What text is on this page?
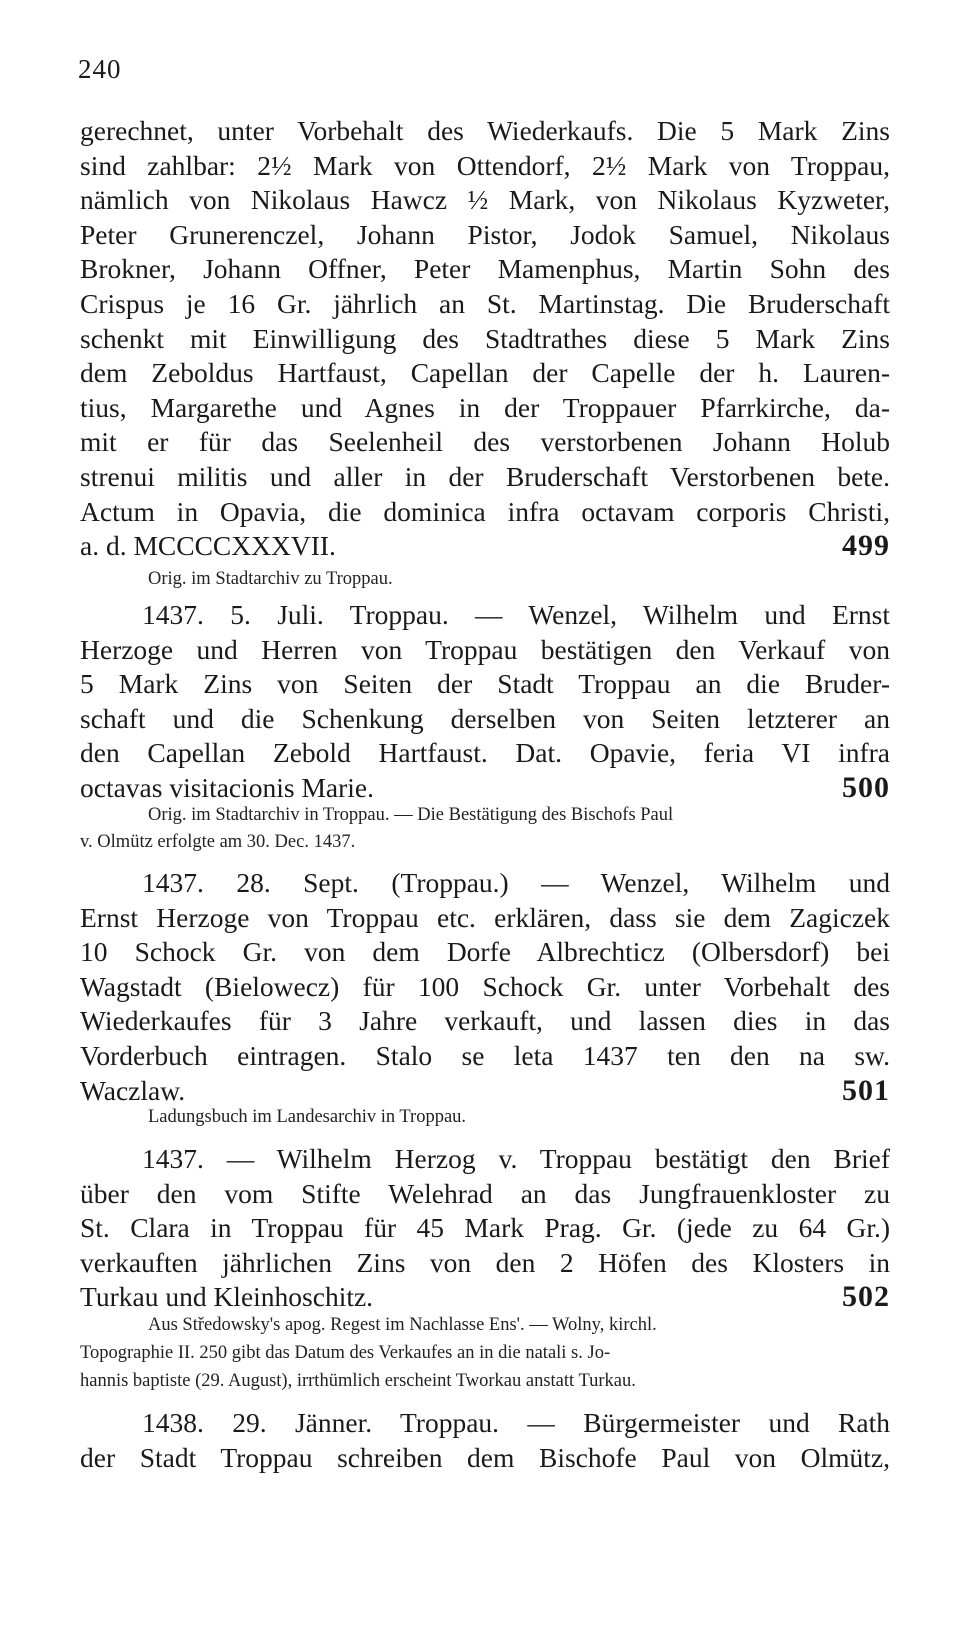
240

gerechnet, unter Vorbehalt des Wiederkaufs. Die 5 Mark Zins

sind zahlbar: 2½ Mark von Ottendorf, 2½ Mark von Troppau,

nämlich von Nikolaus Hawcz ½ Mark, von Nikolaus Kyzweter,

Peter Grunerenczel, Johann Pistor, Jodok Samuel, Nikolaus

Brokner, Johann Offner, Peter Mamenphus, Martin Sohn des

Crispus je 16 Gr. jährlich an St. Martinstag. Die Bruderschaft

schenkt mit Einwilligung des Stadtrathes diese 5 Mark Zins

dem Zeboldus Hartfaust, Capellan der Capelle der h. Lauren-

tius, Margarethe und Agnes in der Troppauer Pfarrkirche, da-

mit er für das Seelenheil des verstorbenen Johann Holub

strenui militis und aller in der Bruderschaft Verstorbenen bete.

Actum in Opavia, die dominica infra octavam corporis Christi,

a. d. MCCCCXXXVII.	499

Orig. im Stadtarchiv zu Troppau.

1437. 5. Juli. Troppau. — Wenzel, Wilhelm und Ernst

Herzoge und Herren von Troppau bestätigen den Verkauf von

5 Mark Zins von Seiten der Stadt Troppau an die Bruder-

schaft und die Schenkung derselben von Seiten letzterer an

den Capellan Zebold Hartfaust. Dat. Opavie, feria VI infra

octavas visitacionis Marie.	500

Orig. im Stadtarchiv in Troppau. — Die Bestätigung des Bischofs Paul
v. Olmütz erfolgte am 30. Dec. 1437.

1437. 28. Sept. (Troppau.) — Wenzel, Wilhelm und

Ernst Herzoge von Troppau etc. erklären, dass sie dem Zagiczek

10 Schock Gr. von dem Dorfe Albrechticz (Olbersdorf) bei

Wagstadt (Bielowecz) für 100 Schock Gr. unter Vorbehalt des

Wiederkaufes für 3 Jahre verkauft, und lassen dies in das

Vorderbuch eintragen. Stalo se leta 1437 ten den na sw.

Waczlaw.	501

Ladungsbuch im Landesarchiv in Troppau.

1437. — Wilhelm Herzog v. Troppau bestätigt den Brief

über den vom Stifte Welehrad an das Jungfrauenkloster zu

St. Clara in Troppau für 45 Mark Prag. Gr. (jede zu 64 Gr.)

verkauften jährlichen Zins von den 2 Höfen des Klosters in

Turkau und Kleinhoschitz.	502

Aus Středowsky's apog. Regest im Nachlasse Ens'. — Wolny, kirchl.
Topographie II. 250 gibt das Datum des Verkaufes an in die natali s. Jo-
hannis baptiste (29. August), irrthümlich erscheint Tworkau anstatt Turkau.

1438. 29. Jänner. Troppau. — Bürgermeister und Rath

der Stadt Troppau schreiben dem Bischofe Paul von Olmütz,
